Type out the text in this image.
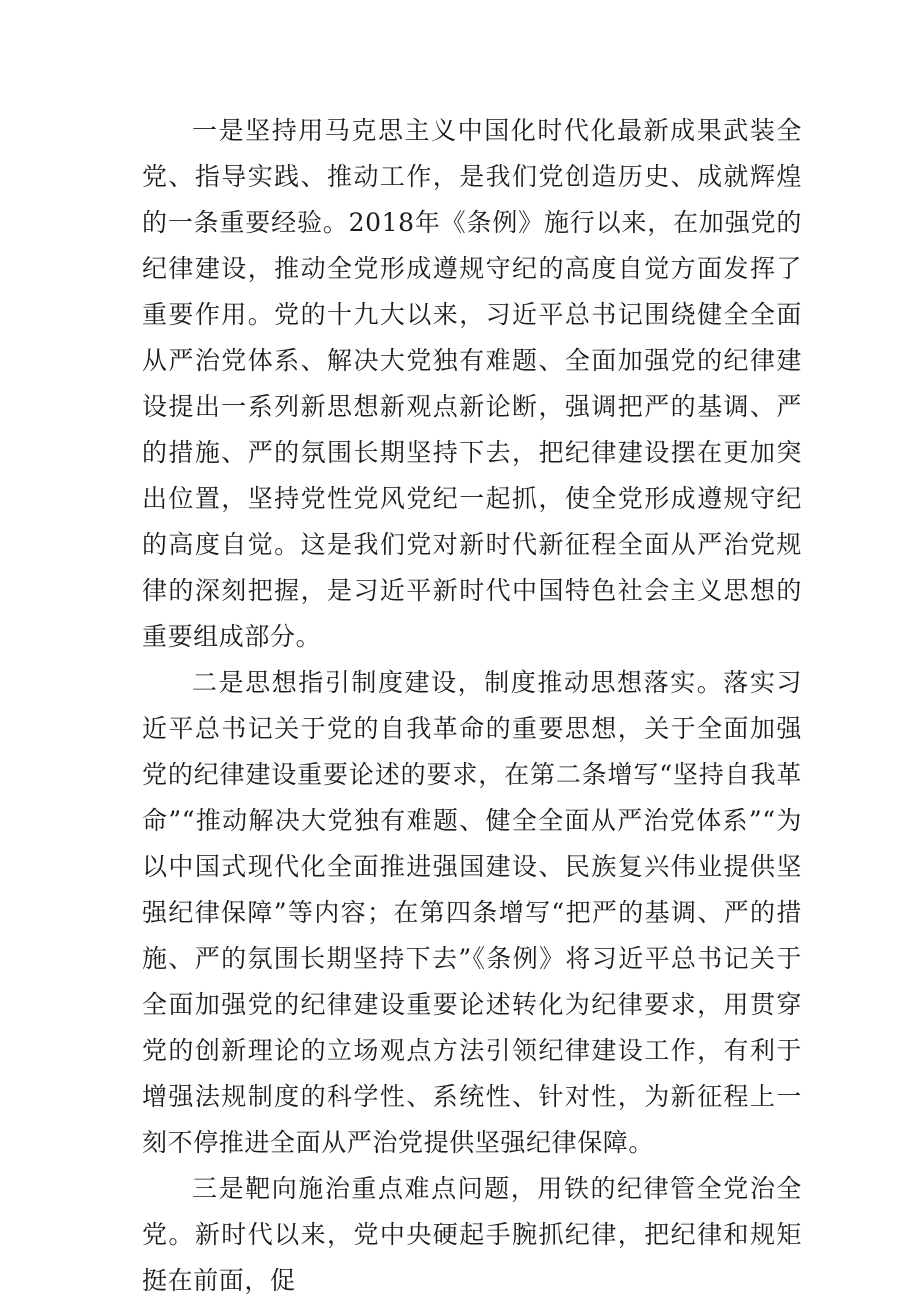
一是坚持用马克思主义中国化时代化最新成果武装全党、指导实践、推动工作，是我们党创造历史、成就辉煌的一条重要经验。2018年《条例》施行以来，在加强党的纪律建设，推动全党形成遵规守纪的高度自觉方面发挥了重要作用。党的十九大以来，习近平总书记围绕健全全面从严治党体系、解决大党独有难题、全面加强党的纪律建设提出一系列新思想新观点新论断，强调把严的基调、严的措施、严的氛围长期坚持下去，把纪律建设摆在更加突出位置，坚持党性党风党纪一起抓，使全党形成遵规守纪的高度自觉。这是我们党对新时代新征程全面从严治党规律的深刻把握，是习近平新时代中国特色社会主义思想的重要组成部分。

二是思想指引制度建设，制度推动思想落实。落实习近平总书记关于党的自我革命的重要思想，关于全面加强党的纪律建设重要论述的要求，在第二条增写“坚持自我革命”“推动解决大党独有难题、健全全面从严治党体系”“为以中国式现代化全面推进强国建设、民族复兴伟业提供坚强纪律保障”等内容；在第四条增写“把严的基调、严的措施、严的氛围长期坚持下去”《条例》将习近平总书记关于全面加强党的纪律建设重要论述转化为纪律要求，用贯穿党的创新理论的立场观点方法引领纪律建设工作，有利于增强法规制度的科学性、系统性、针对性，为新征程上一刻不停推进全面从严治党提供坚强纪律保障。

三是靶向施治重点难点问题，用铁的纪律管全党治全党。新时代以来，党中央硬起手腕抓纪律，把纪律和规矩挺在前面，促
